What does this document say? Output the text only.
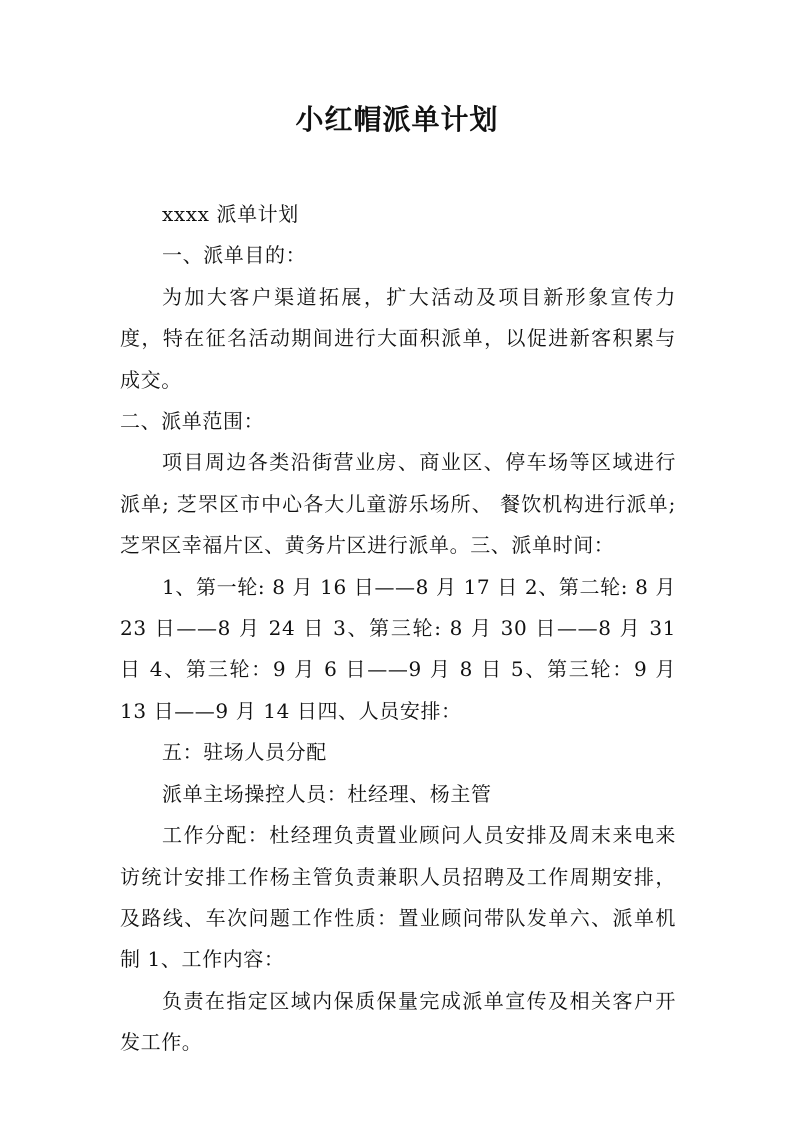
小红帽派单计划

xxxx 派单计划

一、派单目的：

为加大客户渠道拓展，扩大活动及项目新形象宣传力度，特在征名活动期间进行大面积派单，以促进新客积累与成交。

二、派单范围：

项目周边各类沿街营业房、商业区、停车场等区域进行派单; 芝罘区市中心各大儿童游乐场所、 餐饮机构进行派单; 芝罘区幸福片区、黄务片区进行派单。三、派单时间：

1、第一轮: 8 月 16 日——8 月 17 日 2、第二轮: 8 月 23 日——8 月 24 日 3、第三轮: 8 月 30 日——8 月 31 日 4、第三轮：9 月 6 日——9 月 8 日 5、第三轮：9 月 13 日——9 月 14 日四、人员安排：

五：驻场人员分配

派单主场操控人员：杜经理、杨主管

工作分配：杜经理负责置业顾问人员安排及周末来电来访统计安排工作杨主管负责兼职人员招聘及工作周期安排，及路线、车次问题工作性质：置业顾问带队发单六、派单机制 1、工作内容：

负责在指定区域内保质保量完成派单宣传及相关客户开发工作。
